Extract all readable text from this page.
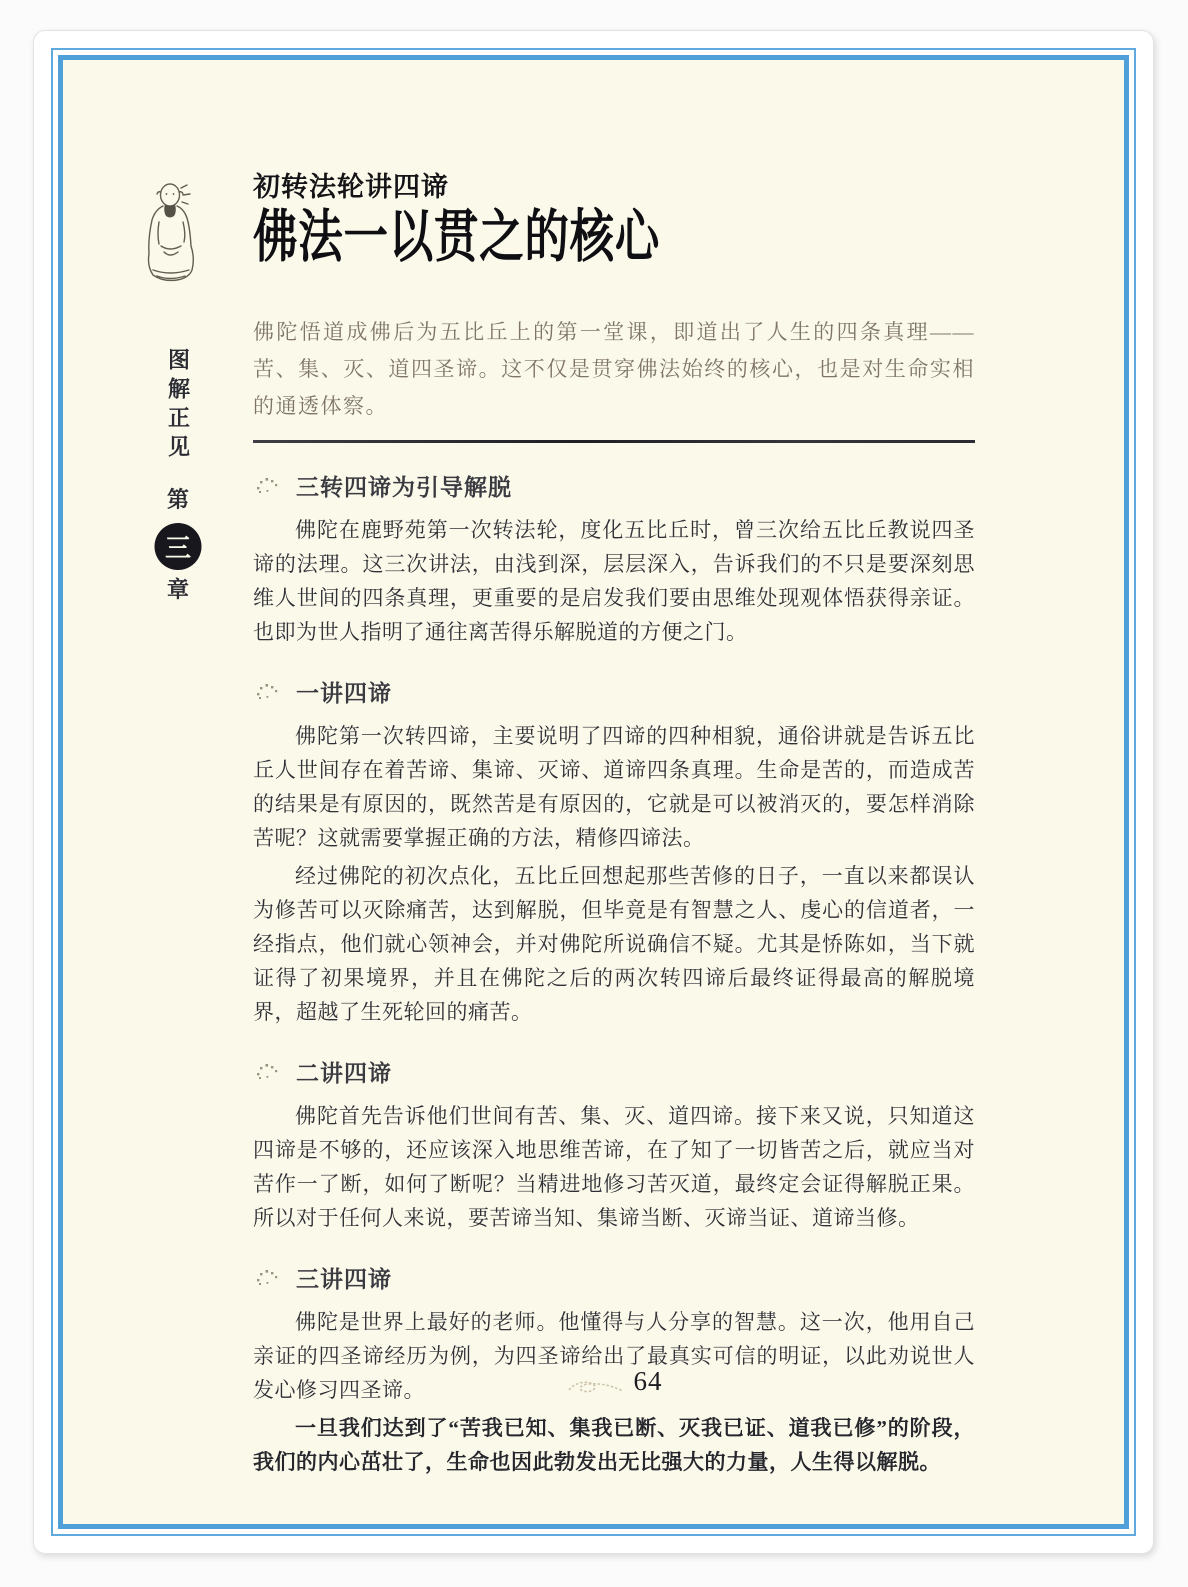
图解正见
第
三
章
初转法轮讲四谛
佛法一以贯之的核心
佛陀悟道成佛后为五比丘上的第一堂课，即道出了人生的四条真理——苦、集、灭、道四圣谛。这不仅是贯穿佛法始终的核心，也是对生命实相的通透体察。
三转四谛为引导解脱

佛陀在鹿野苑第一次转法轮，度化五比丘时，曾三次给五比丘教说四圣谛的法理。这三次讲法，由浅到深，层层深入，告诉我们的不只是要深刻思维人世间的四条真理，更重要的是启发我们要由思维处现观体悟获得亲证。也即为世人指明了通往离苦得乐解脱道的方便之门。

一讲四谛

佛陀第一次转四谛，主要说明了四谛的四种相貌，通俗讲就是告诉五比丘人世间存在着苦谛、集谛、灭谛、道谛四条真理。生命是苦的，而造成苦的结果是有原因的，既然苦是有原因的，它就是可以被消灭的，要怎样消除苦呢？这就需要掌握正确的方法，精修四谛法。

经过佛陀的初次点化，五比丘回想起那些苦修的日子，一直以来都误认为修苦可以灭除痛苦，达到解脱，但毕竟是有智慧之人、虔心的信道者，一经指点，他们就心领神会，并对佛陀所说确信不疑。尤其是㤭陈如，当下就证得了初果境界，并且在佛陀之后的两次转四谛后最终证得最高的解脱境界，超越了生死轮回的痛苦。

二讲四谛

佛陀首先告诉他们世间有苦、集、灭、道四谛。接下来又说，只知道这四谛是不够的，还应该深入地思维苦谛，在了知了一切皆苦之后，就应当对苦作一了断，如何了断呢？当精进地修习苦灭道，最终定会证得解脱正果。所以对于任何人来说，要苦谛当知、集谛当断、灭谛当证、道谛当修。

三讲四谛

佛陀是世界上最好的老师。他懂得与人分享的智慧。这一次，他用自己亲证的四圣谛经历为例，为四圣谛给出了最真实可信的明证，以此劝说世人发心修习四圣谛。

一旦我们达到了“苦我已知、集我已断、灭我已证、道我已修”的阶段，我们的内心茁壮了，生命也因此勃发出无比强大的力量，人生得以解脱。

64
